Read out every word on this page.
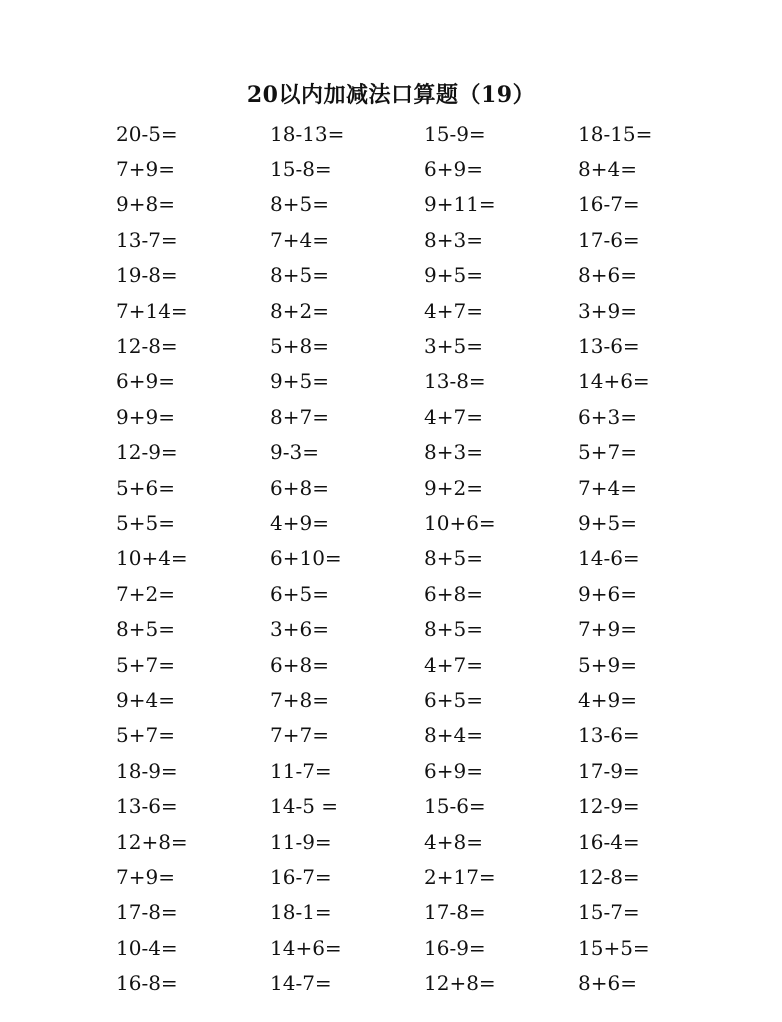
20以内加减法口算题（19）
20-5=	18-13=	15-9=	18-15=
7+9=	15-8=	6+9=	8+4=
9+8=	8+5=	9+11=	16-7=
13-7=	7+4=	8+3=	17-6=
19-8=	8+5=	9+5=	8+6=
7+14=	8+2=	4+7=	3+9=
12-8=	5+8=	3+5=	13-6=
6+9=	9+5=	13-8=	14+6=
9+9=	8+7=	4+7=	6+3=
12-9=	9-3=	8+3=	5+7=
5+6=	6+8=	9+2=	7+4=
5+5=	4+9=	10+6=	9+5=
10+4=	6+10=	8+5=	14-6=
7+2=	6+5=	6+8=	9+6=
8+5=	3+6=	8+5=	7+9=
5+7=	6+8=	4+7=	5+9=
9+4=	7+8=	6+5=	4+9=
5+7=	7+7=	8+4=	13-6=
18-9=	11-7=	6+9=	17-9=
13-6=	14-5 =	15-6=	12-9=
12+8=	11-9=	4+8=	16-4=
7+9=	16-7=	2+17=	12-8=
17-8=	18-1=	17-8=	15-7=
10-4=	14+6=	16-9=	15+5=
16-8=	14-7=	12+8=	8+6=
